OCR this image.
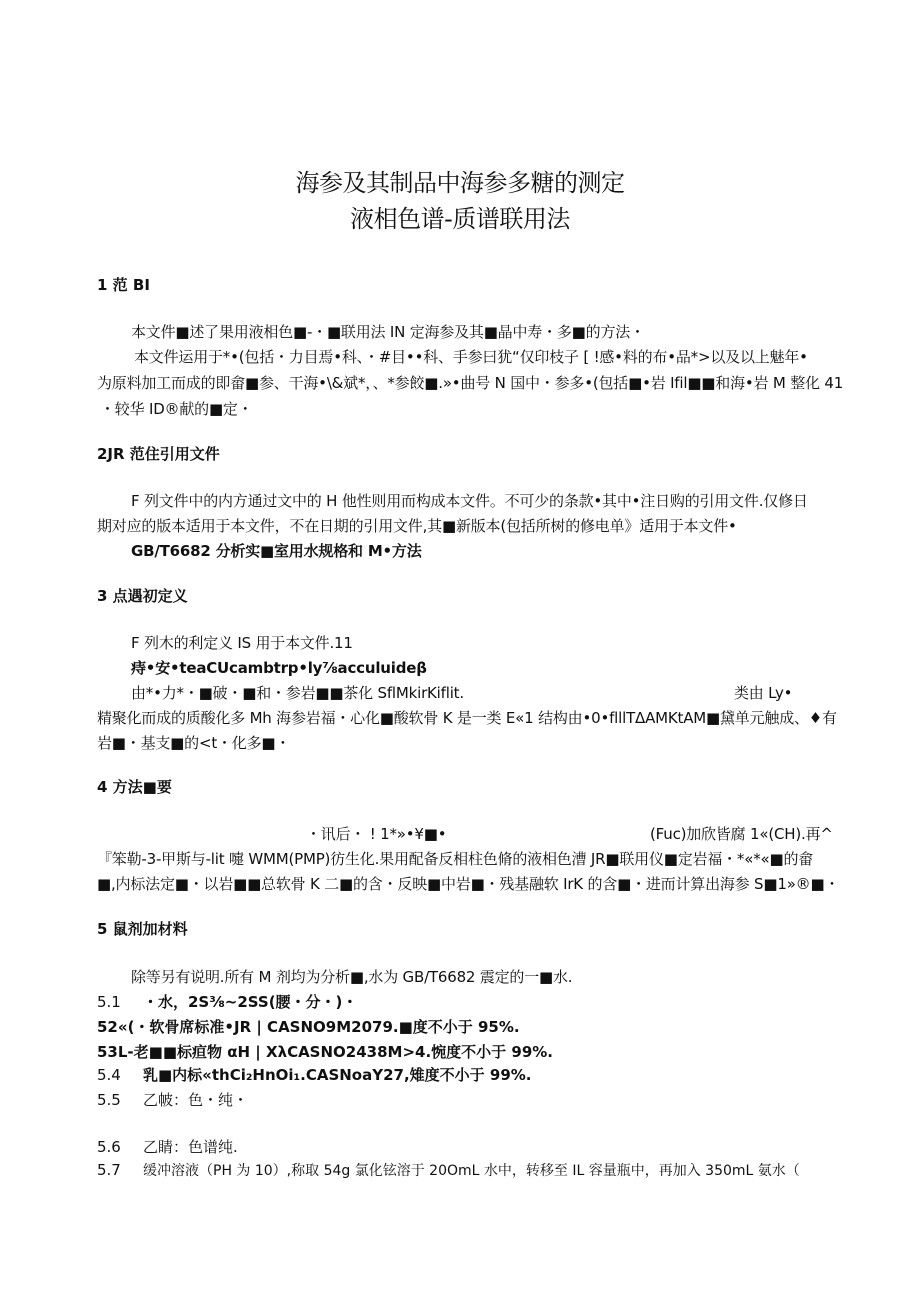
海参及其制品中海参多糖的测定
液相色谱-质谱联用法
1 范 BI
本文件■述了果用液相色■-・■联用法 IN 定海参及其■晶中寿・多■的方法・
本文件运用于*•(包括・力目焉•科、・#目••科、手参曰犹“仅印枝子 [ !感•料的布•品*>以及以上魅年•
为原料加工而成的即畲■参、干海•\&斌*，、*参餃■.»•曲号 N 国中・参多•(包括■•岩 Ifil■■和海•岩 M 整化 41
・较华 ID®献的■定・
2JR 范住引用文件
F 列文件中的内方通过文中的 H 他性则用而构成本文件。不可少的条款•其中•注日购的引用文件.仅修日
期对应的版本适用于本文件，不在日期的引用文件,其■新版本(包括所树的修电单》适用于本文件•
GB/T6682 分析实■室用水规格和 M•方法
3 点遇初定义
F 列木的利定义 IS 用于本文件.11
痔•安•teaCUcambtrp•ly⅞acculuideβ
由*•力*・■破・■和・参岩■■茶化 SflMkirKiflit.	类由 Ly•
精聚化而成的质酸化多 Mh 海参岩福・心化■酸软骨 K 是一类 E«1 结构由•0•flllTΔAMKtAM■黛单元触成、♦有
岩■・基支■的<t・化多■・
4 方法■要
・讯后・ ! 1*»•¥■•	(Fuc)加欣皆腐 1«(CH).再^
『笨勒-3-甲斯与-lit 嚏 WMM(PMP)彷生化.果用配备反相柱色脩的液相色漕 JR■联用仪■定岩福・*«*«■的畲
■,内标法定■・以岩■■总软骨 K 二■的含・反映■中岩■・残基融软 IrK 的含■・进而计算出海参 S■1»®■・
5 鼠剂加材料
除等另有说明.所有 M 剂均为分析■,水为 GB/T6682 震定的一■水.
5.1 ・水，2S⅜~2SS(腰・分・)・
52«(・软骨席标准•JR | CASNO9M2079.■度不小于 95%.
53L-老■■标疸物 αH | XλCASNO2438M>4.惋度不小于 99%.
5.4 乳■内标«thCi₂HnOi₁.CASNoaY27,雉度不小于 99%.
5.5 乙帔：色・纯・
5.6 乙睛：色谱纯.
5.7 缓冲溶液（PH 为 10）,称取 54g 氯化铉溶于 20OmL 水中，转移至 IL 容量瓶中，再加入 350mL 氨水（
